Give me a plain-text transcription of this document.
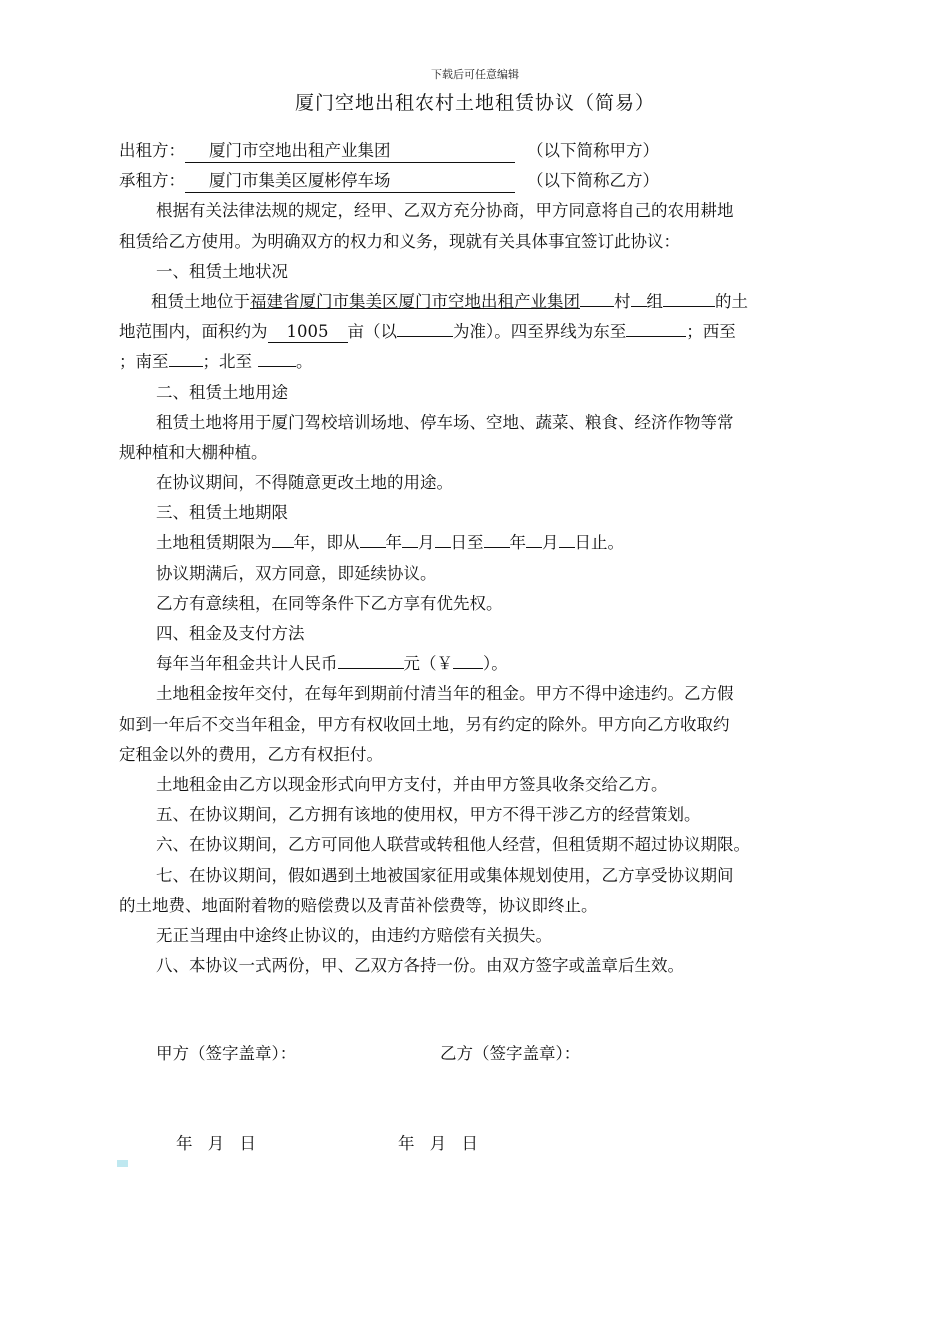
下载后可任意编辑
厦门空地出租农村土地租赁协议（简易）
出租方： 厦门市空地出租产业集团	（以下简称甲方）
承租方： 厦门市集美区厦彬停车场	（以下简称乙方）
根据有关法律法规的规定，经甲、乙双方充分协商，甲方同意将自己的农用耕地
租赁给乙方使用。为明确双方的权力和义务，现就有关具体事宜签订此协议：
一、租赁土地状况
租赁土地位于福建省厦门市集美区厦门市空地出租产业集团 村 组	的土
地范围内，面积约为 1005 亩（以	为准）。四至界线为东至	；西至
；南至 ；北至	。
二、租赁土地用途
租赁土地将用于厦门驾校培训场地、停车场、空地、蔬菜、粮食、经济作物等常
规种植和大棚种植。
在协议期间，不得随意更改土地的用途。
三、租赁土地期限
土地租赁期限为 年，即从 年 月 日至 年 月 日止。
协议期满后，双方同意，即延续协议。
乙方有意续租，在同等条件下乙方享有优先权。
四、租金及支付方法
每年当年租金共计人民币	元（￥ ）。
土地租金按年交付，在每年到期前付清当年的租金。甲方不得中途违约。乙方假
如到一年后不交当年租金，甲方有权收回土地，另有约定的除外。甲方向乙方收取约
定租金以外的费用，乙方有权拒付。
土地租金由乙方以现金形式向甲方支付，并由甲方签具收条交给乙方。
五、在协议期间，乙方拥有该地的使用权，甲方不得干涉乙方的经营策划。
六、在协议期间，乙方可同他人联营或转租他人经营，但租赁期不超过协议期限。
七、在协议期间，假如遇到土地被国家征用或集体规划使用，乙方享受协议期间
的土地费、地面附着物的赔偿费以及青苗补偿费等，协议即终止。
无正当理由中途终止协议的，由违约方赔偿有关损失。
八、本协议一式两份，甲、乙双方各持一份。由双方签字或盖章后生效。
甲方（签字盖章）：	乙方（签字盖章）：
年 月 日	年 月 日
